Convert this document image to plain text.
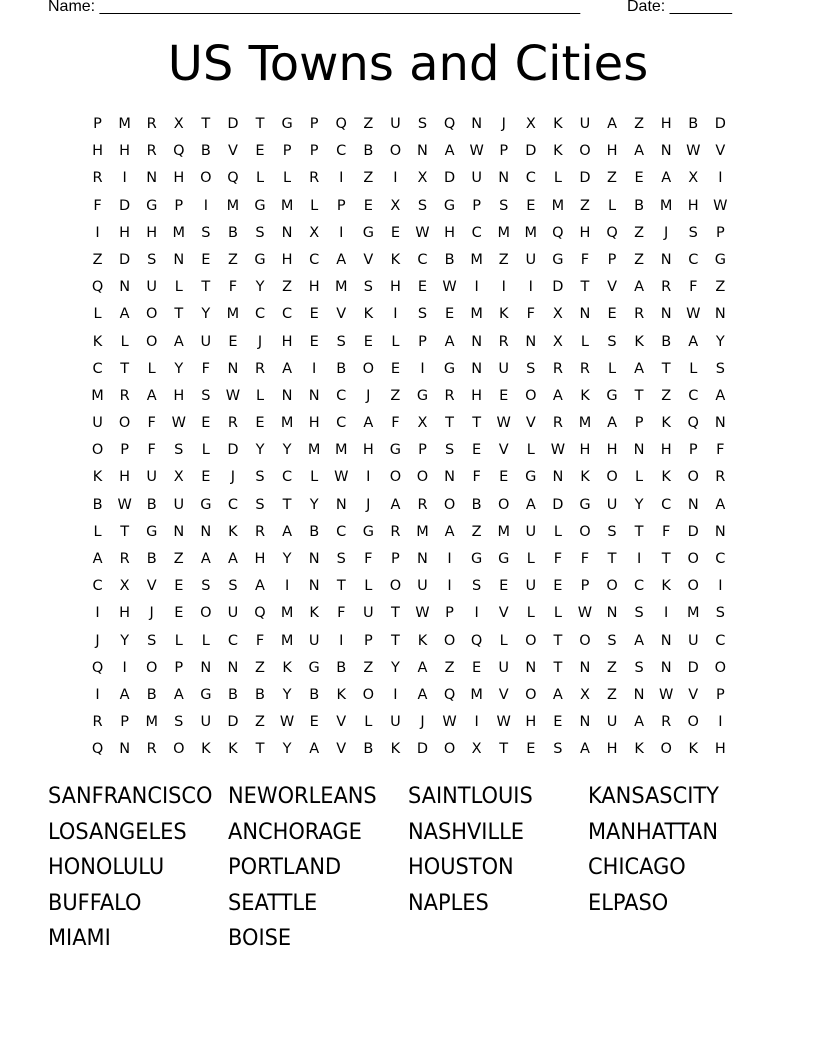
Name: ______________________________________________________	Date: _______
US Towns and Cities
P	M	R	X	T	D	T	G	P	Q	Z	U	S	Q	N	J	X	K	U	A	Z	H	B	D
H	H	R	Q	B	V	E	P	P	C	B	O	N	A	W	P	D	K	O	H	A	N W	V
R	I	N	H	O	Q	L	L	R	I	Z	I	X	D	U	N	C	L	D	Z	E	A	X	I
F	D	G	P	I	M	G	M	L	P	E	X	S	G	P	S	E	M	Z	L	B	M	H W
I	H	H	M	S	B	S	N	X	I	G	E	W H	C	M	M	Q	H	Q	Z	J	S	P
Z	D	S	N	E	Z	G	H	C	A	V	K	C	B	M	Z	U	G	F	P	Z	N	C	G
Q	N	U	L	T	F	Y	Z	H	M	S	H	E	W	I	I	I	D	T	V	A	R	F	Z
L	A	O	T	Y	M	C	C	E	V	K	I	S	E	M	K	F	X	N	E	R	N W N
K	L	O	A	U	E	J	H	E	S	E	L	P	A	N	R	N	X	L	S	K	B	A	Y
C	T	L	Y	F	N	R	A	I	B	O	E	I	G	N	U	S	R	R	L	A	T	L	S
M	R	A	H	S	W	L	N	N	C	J	Z	G	R	H	E	O	A	K	G	T	Z	C	A
U	O	F	W	E	R	E	M	H	C	A	F	X	T	T	W	V	R	M	A	P	K	Q	N
O	P	F	S	L	D	Y	Y	M	M	H	G	P	S	E	V	L	W H	H	N	H	P	F
K	H	U	X	E	J	S	C	L	W	I	O	O	N	F	E	G	N	K	O	L	K	O	R
B	W	B	U	G	C	S	T	Y	N	J	A	R	O	B	O	A	D	G	U	Y	C	N	A
L	T	G	N	N	K	R	A	B	C	G	R	M	A	Z	M	U	L	O	S	T	F	D	N
A	R	B	Z	A	A	H	Y	N	S	F	P	N	I	G	G	L	F	F	T	I	T	O	C
C	X	V	E	S	S	A	I	N	T	L	O	U	I	S	E	U	E	P	O	C	K	O	I
I	H	J	E	O	U	Q	M	K	F	U	T	W	P	I	V	L	L	W N	S	I	M	S
J	Y	S	L	L	C	F	M	U	I	P	T	K	O	Q	L	O	T	O	S	A	N	U	C
Q	I	O	P	N	N	Z	K	G	B	Z	Y	A	Z	E	U	N	T	N	Z	S	N	D	O
I	A	B	A	G	B	B	Y	B	K	O	I	A	Q	M	V	O	A	X	Z	N W	V	P
R	P	M	S	U	D	Z	W	E	V	L	U	J	W	I	W H	E	N	U	A	R	O	I
Q	N	R	O	K	K	T	Y	A	V	B	K	D	O	X	T	E	S	A	H	K	O	K	H
SANFRANCISCO NEWORLEANS	SAINTLOUIS	KANSASCITY
LOSANGELES	ANCHORAGE	NASHVILLE	MANHATTAN
HONOLULU	PORTLAND	HOUSTON	CHICAGO
BUFFALO	SEATTLE	NAPLES	ELPASO
MIAMI	BOISE
